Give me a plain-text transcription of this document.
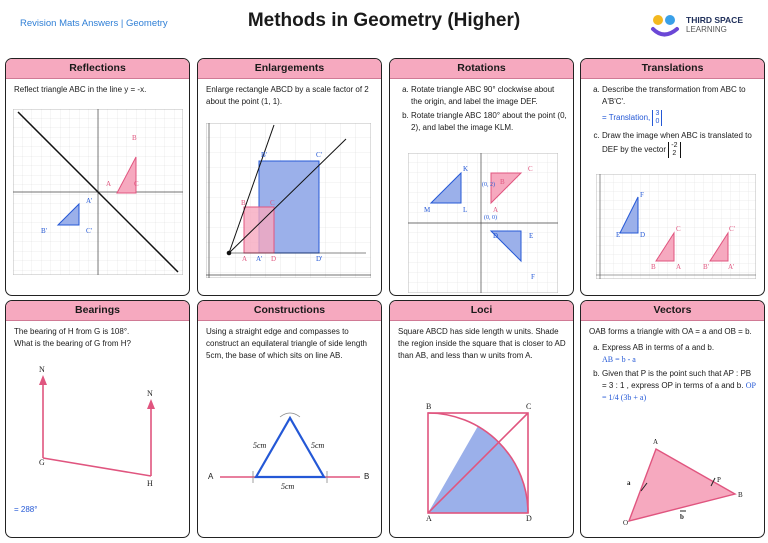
Revision Mats Answers | Geometry	Methods in Geometry (Higher)	THIRD SPACE
LEARNING
Reflections
Reflect triangle ABC in the line y = -x.
B
A	C
A'
B'	C'
Enlargements
Enlarge rectangle ABCD by a scale factor of 2 about the point (1, 1).
B	C
A	D
B'	C'
A'	D'
Rotations
a. Rotate triangle ABC 90° clockwise about the origin, and label the image DEF.
b. Rotate triangle ABC 180° about the point (0, 2), and label the image KLM.
K
M	L
B
C
A
(0, 2)
(0, 0)
D	E
F
Translations
a. Describe the transformation from ABC to A'B'C'.
= Translation, 3
0
c. Draw the image when ABC is translated to DEF by the vector -2
2
F
E	D
C
B	A
C'
B'	A'
Bearings
The bearing of H from G is 108°.
What is the bearing of G from H?
N
N
G
H
= 288°
Constructions
Using a straight edge and compasses to construct an equilateral triangle of side length 5cm, the base of which sits on line AB.
A	B
5cm	5cm
5cm
Loci
Square ABCD has side length w units. Shade the region inside the square that is closer to AD than AB, and less than w units from A.
B	C
A	D
Vectors
OAB forms a triangle with OA = a and OB = b.
a. Express AB in terms of a and b.
AB = b - a
b. Given that P is the point such that AP : PB = 3 : 1 , express OP in terms of a and b. OP = 1/4 (3b + a)
A
B
O
P
a
b
